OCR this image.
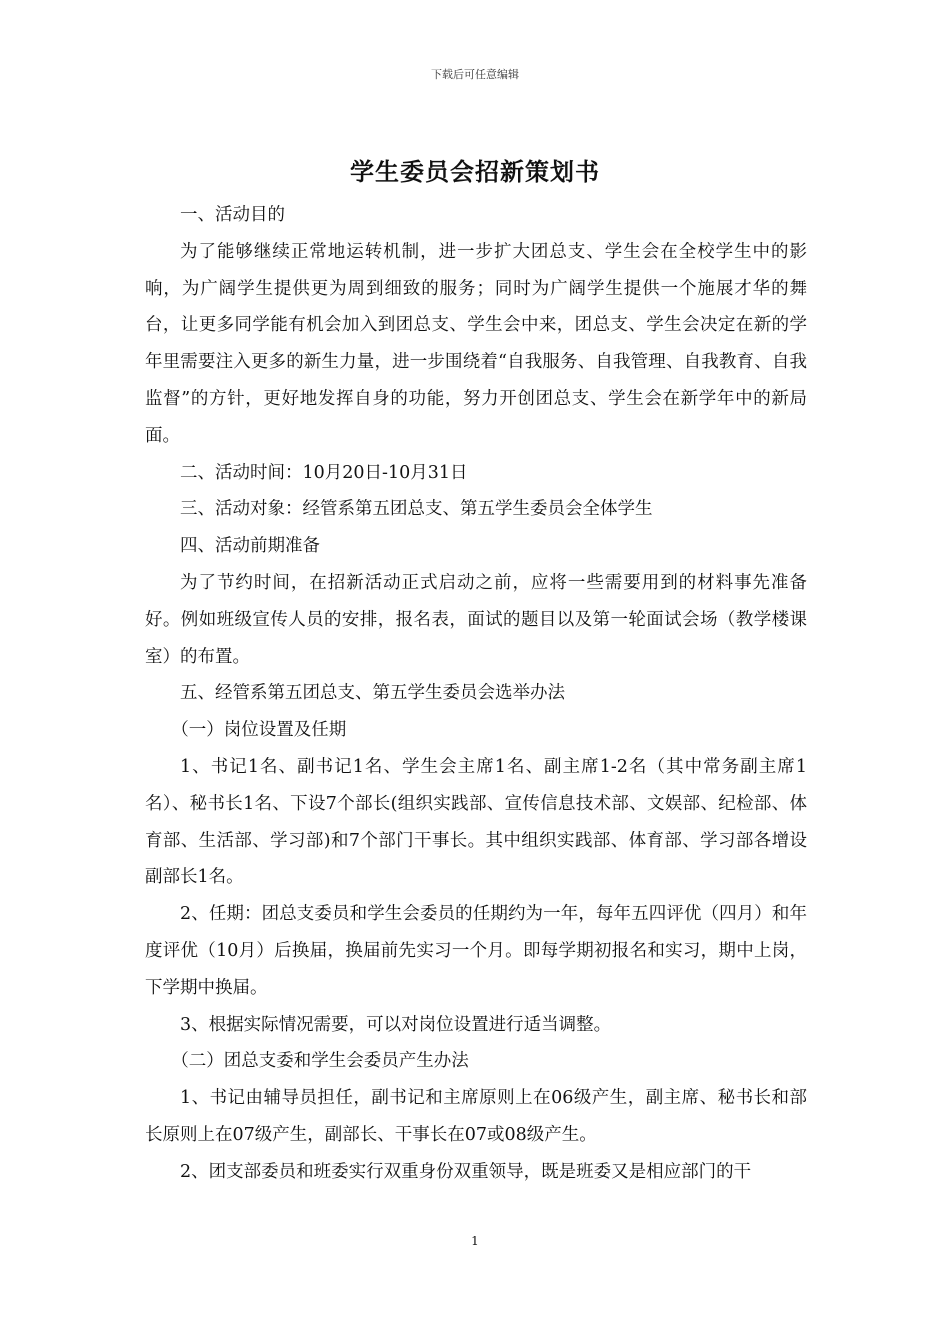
下载后可任意编辑
学生委员会招新策划书

一、活动目的

为了能够继续正常地运转机制，进一步扩大团总支、学生会在全校学生中的影响，为广阔学生提供更为周到细致的服务；同时为广阔学生提供一个施展才华的舞台，让更多同学能有机会加入到团总支、学生会中来，团总支、学生会决定在新的学年里需要注入更多的新生力量，进一步围绕着“自我服务、自我管理、自我教育、自我监督”的方针，更好地发挥自身的功能，努力开创团总支、学生会在新学年中的新局面。

二、活动时间：10月20日-10月31日

三、活动对象：经管系第五团总支、第五学生委员会全体学生

四、活动前期准备

为了节约时间，在招新活动正式启动之前，应将一些需要用到的材料事先准备好。例如班级宣传人员的安排，报名表，面试的题目以及第一轮面试会场（教学楼课室）的布置。

五、经管系第五团总支、第五学生委员会选举办法

（一）岗位设置及任期

1、书记1名、副书记1名、学生会主席1名、副主席1-2名（其中常务副主席1名）、秘书长1名、下设7个部长(组织实践部、宣传信息技术部、文娱部、纪检部、体育部、生活部、学习部)和7个部门干事长。其中组织实践部、体育部、学习部各增设副部长1名。

2、任期：团总支委员和学生会委员的任期约为一年，每年五四评优（四月）和年度评优（10月）后换届，换届前先实习一个月。即每学期初报名和实习，期中上岗，下学期中换届。

3、根据实际情况需要，可以对岗位设置进行适当调整。

（二）团总支委和学生会委员产生办法

1、书记由辅导员担任，副书记和主席原则上在06级产生，副主席、秘书长和部长原则上在07级产生，副部长、干事长在07或08级产生。

2、团支部委员和班委实行双重身份双重领导，既是班委又是相应部门的干

1
